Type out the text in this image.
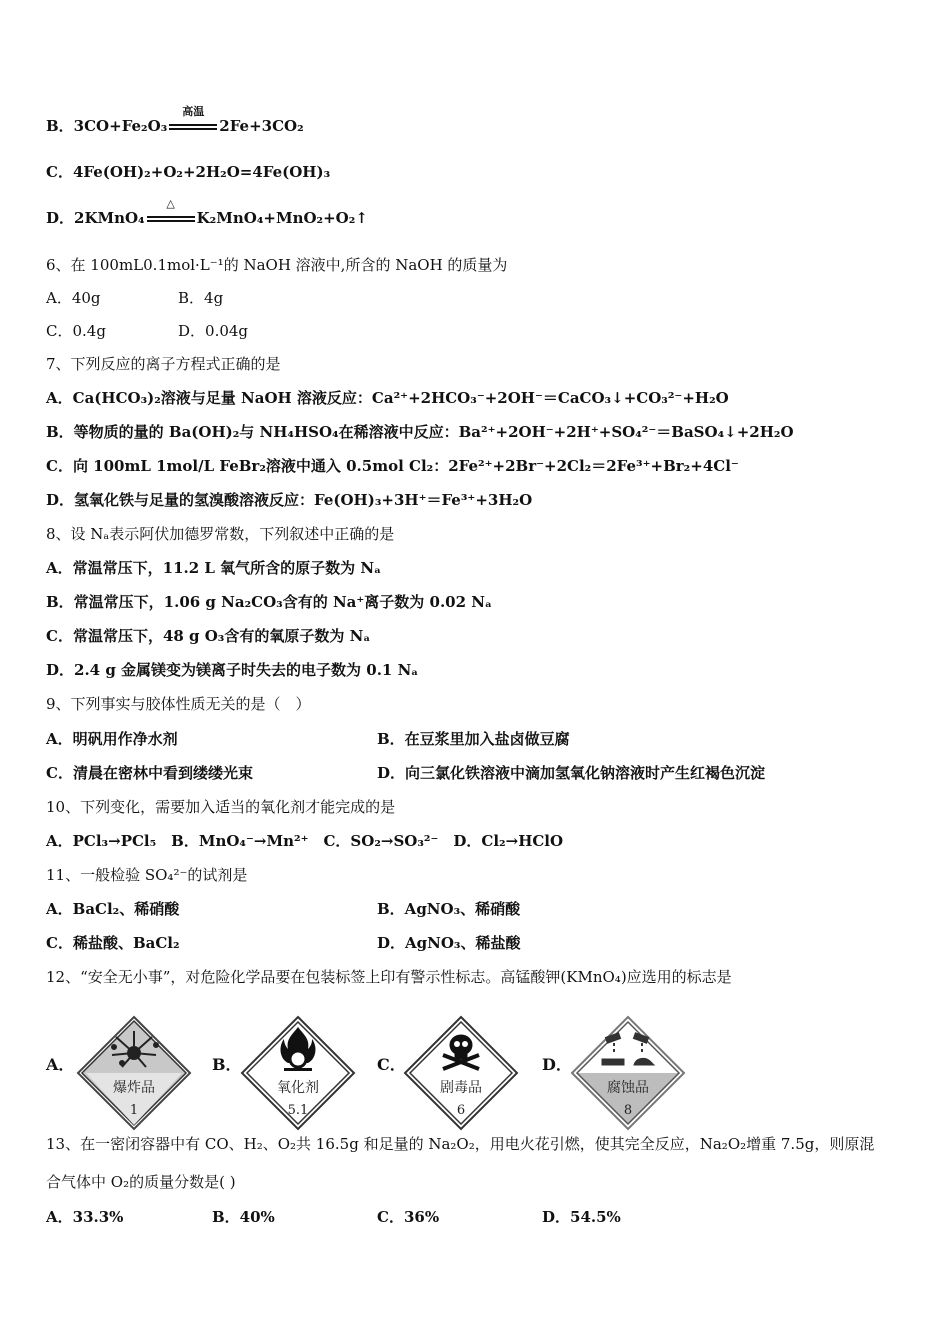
B．3CO+Fe₂O₃
高温
2Fe+3CO₂
C．4Fe(OH)₂+O₂+2H₂O=4Fe(OH)₃
D．2KMnO₄
△
K₂MnO₄+MnO₂+O₂↑
6、在 100mL0.1mol·L⁻¹的 NaOH 溶液中,所含的 NaOH 的质量为
A．40g	B．4g
C．0.4g	D．0.04g
7、下列反应的离子方程式正确的是
A．Ca(HCO₃)₂溶液与足量 NaOH 溶液反应：Ca²⁺+2HCO₃⁻+2OH⁻＝CaCO₃↓+CO₃²⁻+H₂O
B．等物质的量的 Ba(OH)₂与 NH₄HSO₄在稀溶液中反应：Ba²⁺+2OH⁻+2H⁺+SO₄²⁻＝BaSO₄↓+2H₂O
C．向 100mL 1mol/L FeBr₂溶液中通入 0.5mol Cl₂：2Fe²⁺+2Br⁻+2Cl₂＝2Fe³⁺+Br₂+4Cl⁻
D．氢氧化铁与足量的氢溴酸溶液反应：Fe(OH)₃+3H⁺＝Fe³⁺+3H₂O
8、设 Nₐ表示阿伏加德罗常数，下列叙述中正确的是
A．常温常压下，11.2 L 氧气所含的原子数为 Nₐ
B．常温常压下，1.06 g Na₂CO₃含有的 Na⁺离子数为 0.02 Nₐ
C．常温常压下，48 g O₃含有的氧原子数为 Nₐ
D．2.4 g 金属镁变为镁离子时失去的电子数为 0.1 Nₐ
9、下列事实与胶体性质无关的是（　）
A．明矾用作净水剂	B．在豆浆里加入盐卤做豆腐
C．清晨在密林中看到缕缕光束	D．向三氯化铁溶液中滴加氢氧化钠溶液时产生红褐色沉淀
10、下列变化，需要加入适当的氧化剂才能完成的是
A．PCl₃→PCl₅　B．MnO₄⁻→Mn²⁺　C．SO₂→SO₃²⁻　D．Cl₂→HClO
11、一般检验 SO₄²⁻的试剂是
A．BaCl₂、稀硝酸	B．AgNO₃、稀硝酸
C．稀盐酸、BaCl₂	D．AgNO₃、稀盐酸
12、“安全无小事”，对危险化学品要在包装标签上印有警示性标志。高锰酸钾(KMnO₄)应选用的标志是
A．
爆炸品
1
B．
氧化剂
5.1
C．
剧毒品
6
D．
腐蚀品
8
13、在一密闭容器中有 CO、H₂、O₂共 16.5g 和足量的 Na₂O₂，用电火花引燃，使其完全反应，Na₂O₂增重 7.5g，则原混
合气体中 O₂的质量分数是( )
A．33.3%	B．40%	C．36%	D．54.5%
